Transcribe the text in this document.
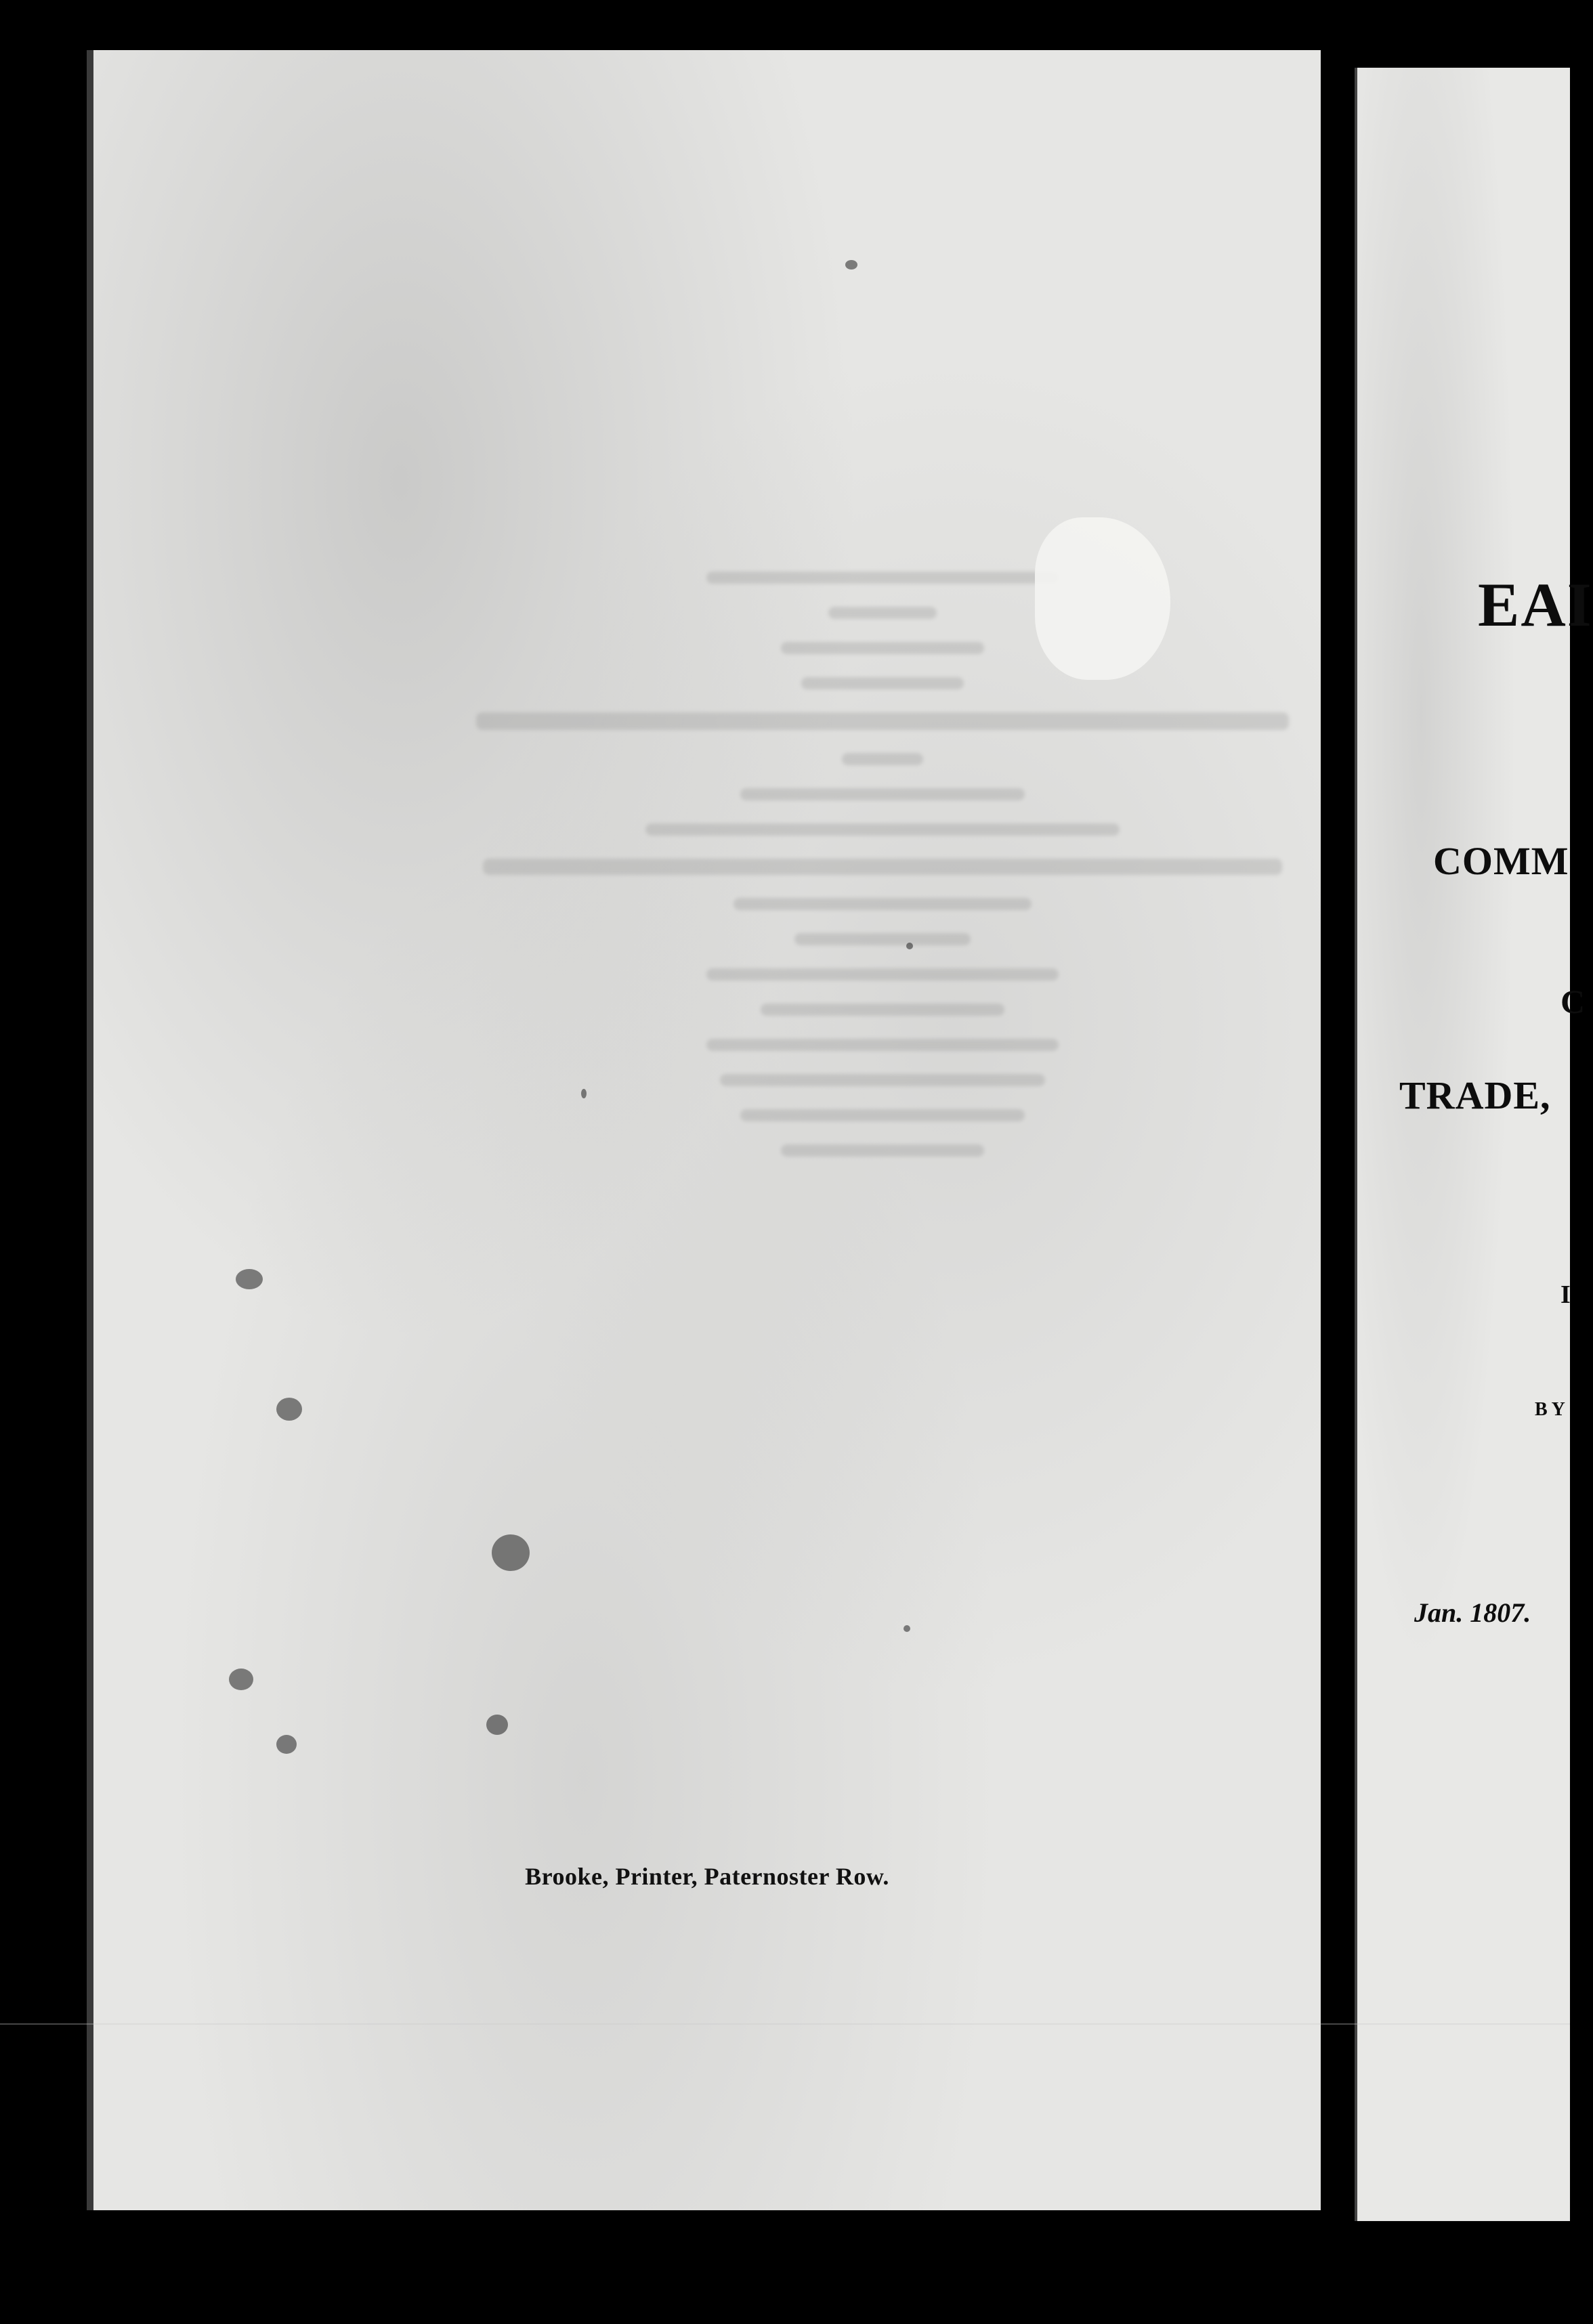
Brooke, Printer, Paternoster Row.
EAI
COMM
C
TRADE,
I
BY
Jan. 1807.
